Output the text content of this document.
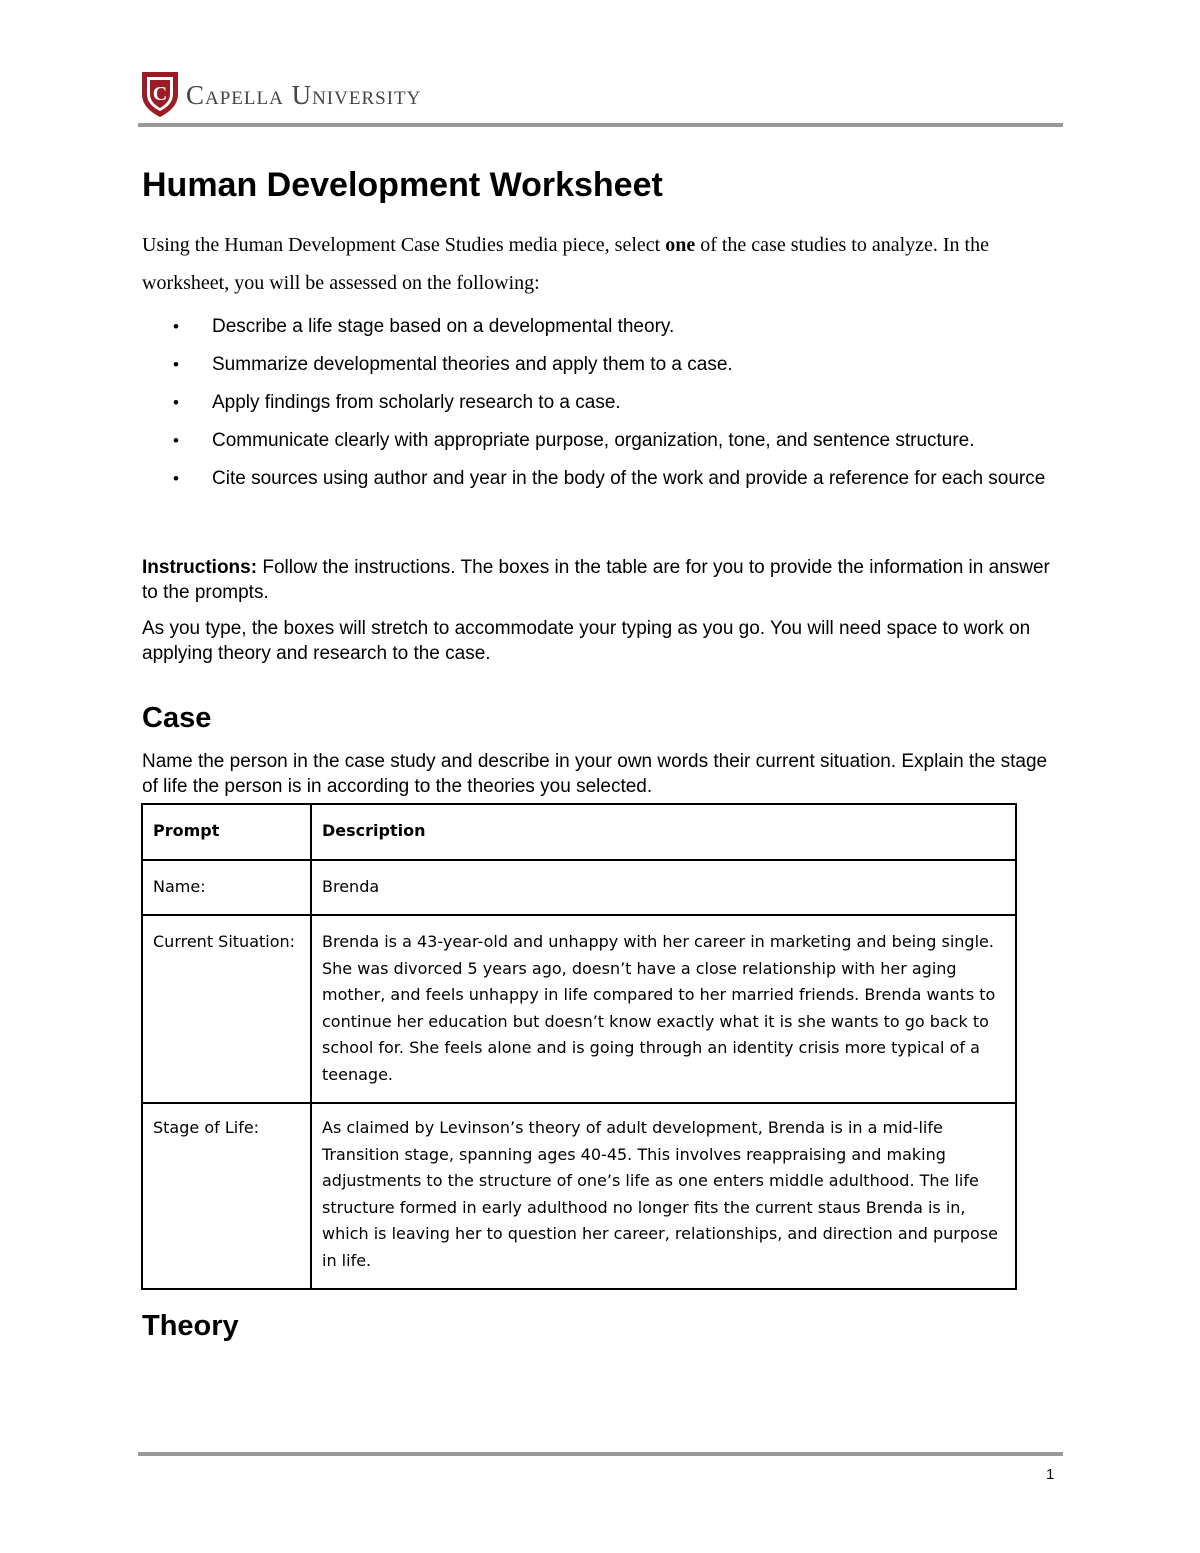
C Capella University
Human Development Worksheet

Using the Human Development Case Studies media piece, select one of the case studies to analyze. In the worksheet, you will be assessed on the following:

• Describe a life stage based on a developmental theory.
• Summarize developmental theories and apply them to a case.
• Apply findings from scholarly research to a case.
• Communicate clearly with appropriate purpose, organization, tone, and sentence structure.
• Cite sources using author and year in the body of the work and provide a reference for each source

Instructions: Follow the instructions. The boxes in the table are for you to provide the information in answer to the prompts.

As you type, the boxes will stretch to accommodate your typing as you go. You will need space to work on applying theory and research to the case.

Case

Name the person in the case study and describe in your own words their current situation. Explain the stage of life the person is in according to the theories you selected.

Prompt	Description
Name:	Brenda
Current Situation:	Brenda is a 43-year-old and unhappy with her career in marketing and being single. She was divorced 5 years ago, doesn’t have a close relationship with her aging mother, and feels unhappy in life compared to her married friends. Brenda wants to continue her education but doesn’t know exactly what it is she wants to go back to school for. She feels alone and is going through an identity crisis more typical of a teenage.
Stage of Life:	As claimed by Levinson’s theory of adult development, Brenda is in a mid-life Transition stage, spanning ages 40-45. This involves reappraising and making adjustments to the structure of one’s life as one enters middle adulthood. The life structure formed in early adulthood no longer fits the current staus Brenda is in, which is leaving her to question her career, relationships, and direction and purpose in life.
Theory
1
